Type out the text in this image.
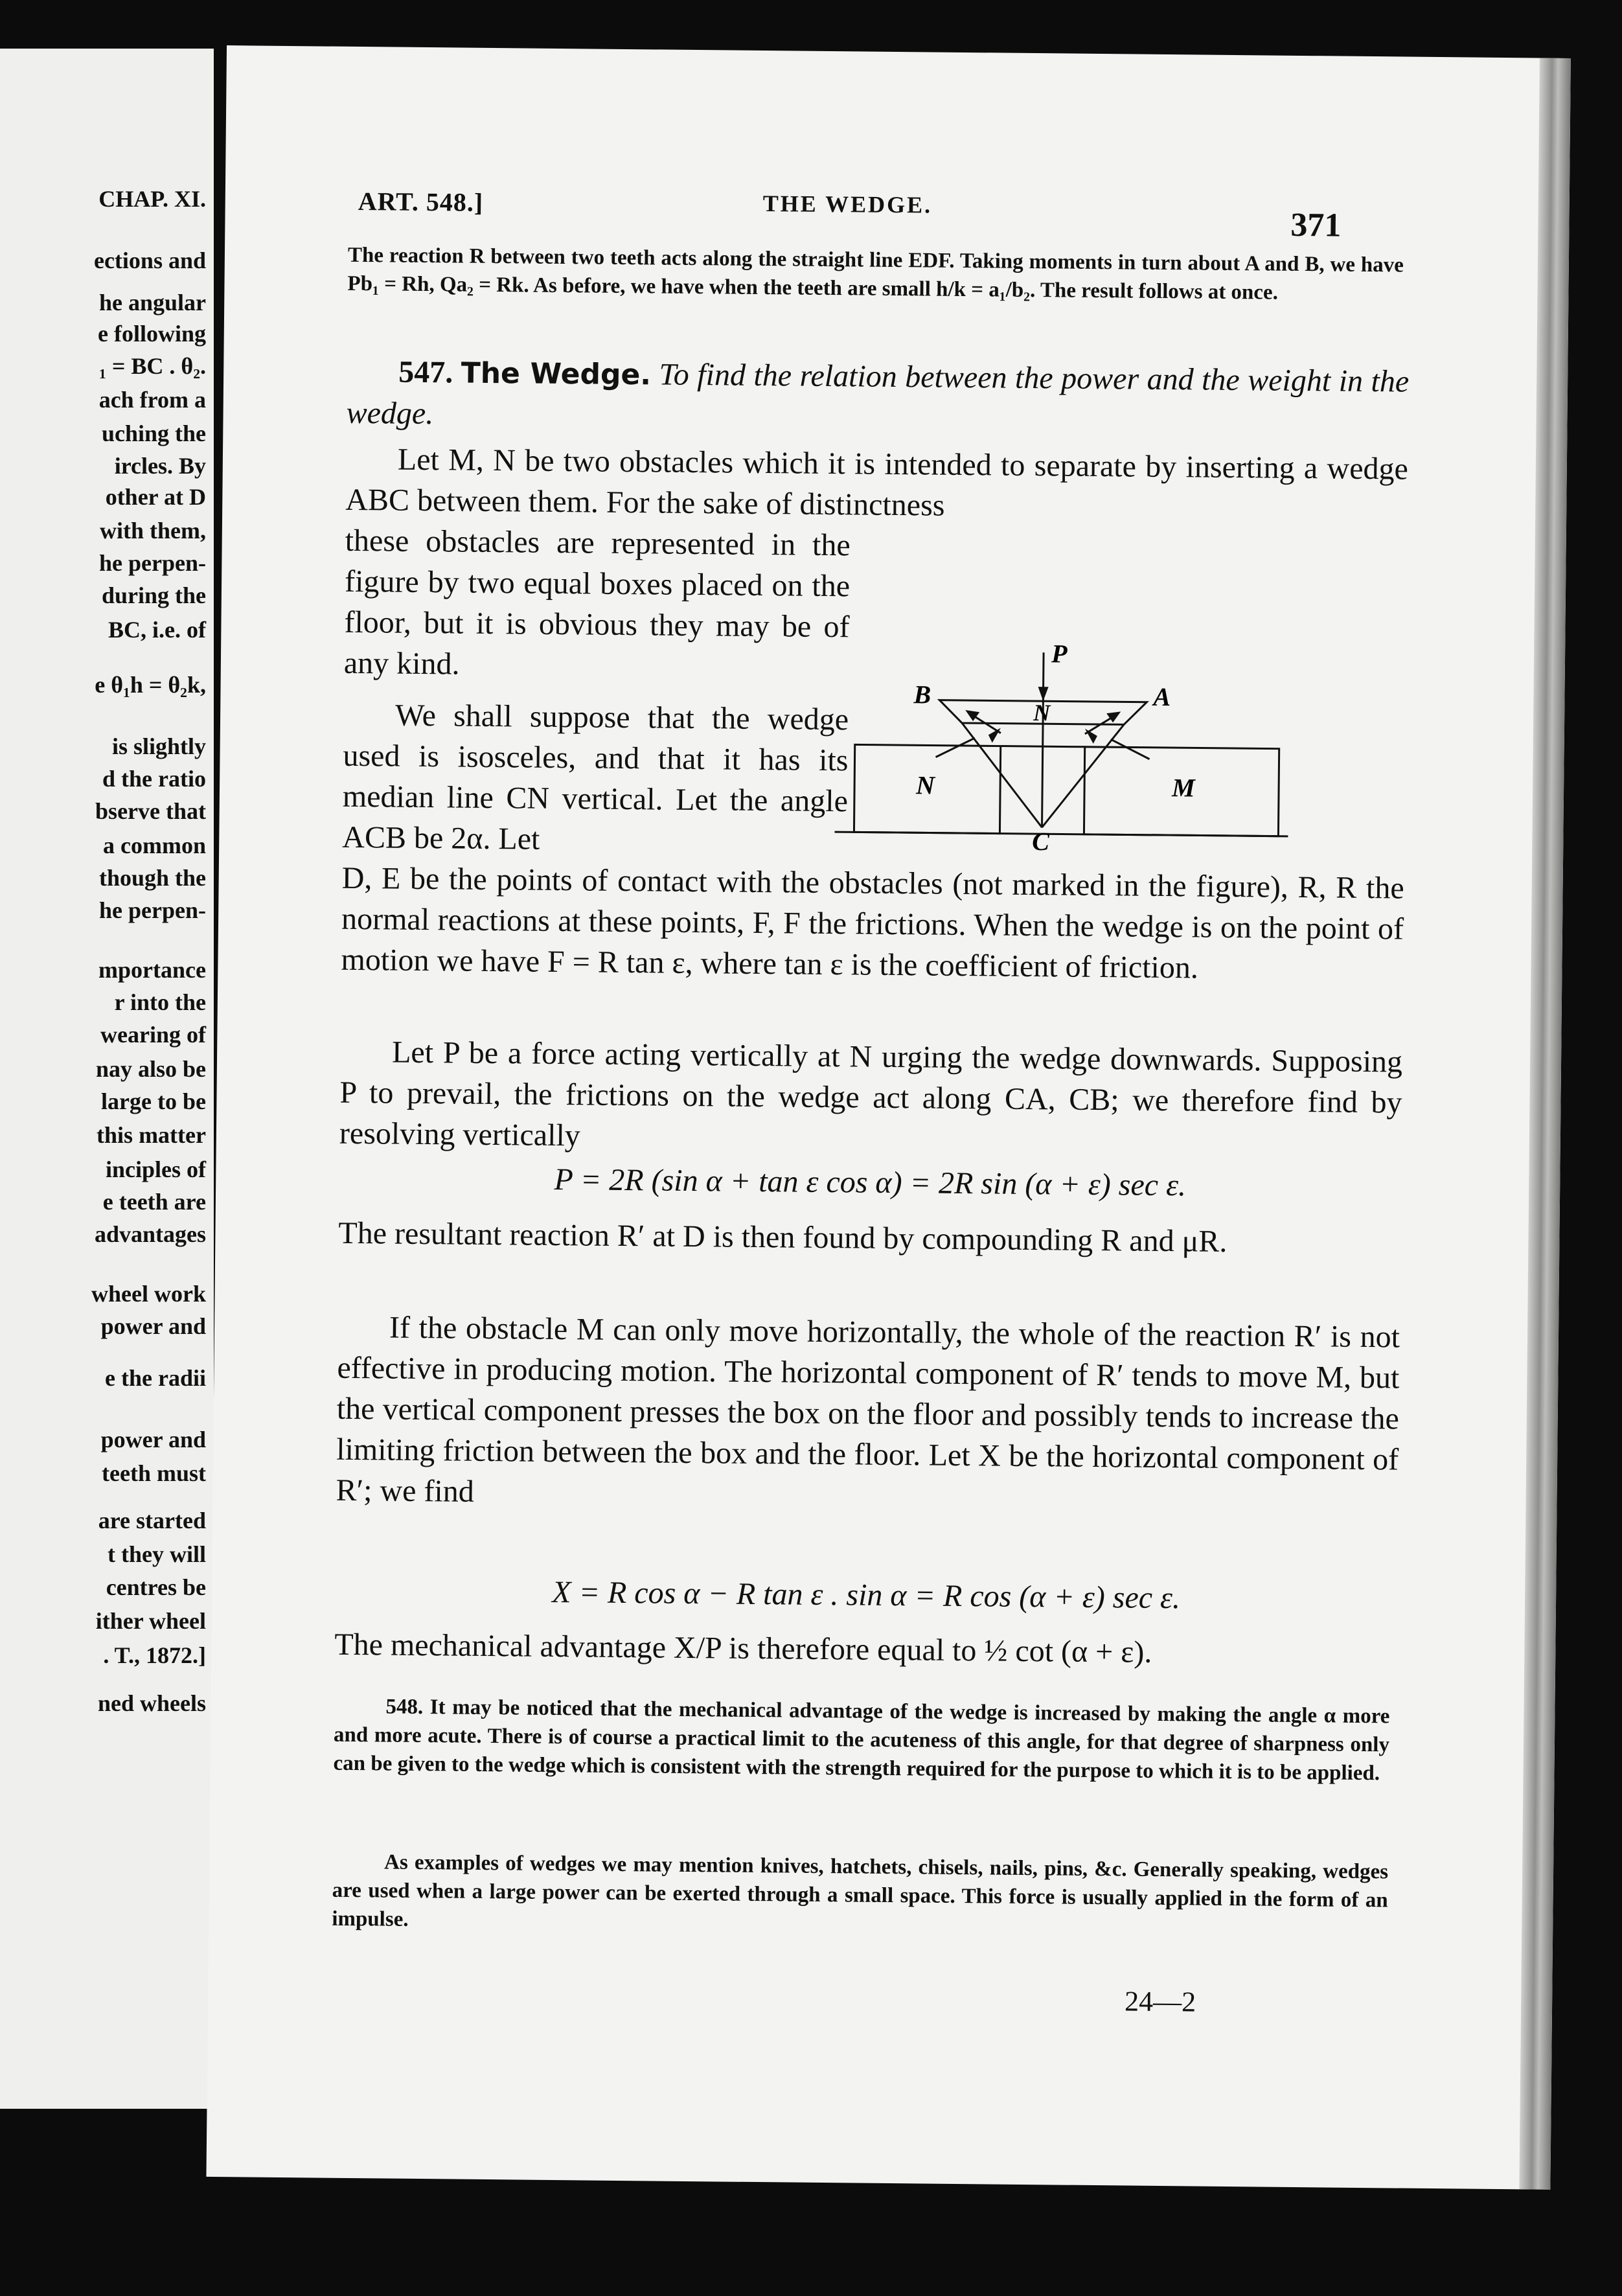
CHAP. XI.
ections and
he angular
e following
₁ = BC . θ₂.
ach from a
uching the
ircles. By
other at D
with them,
he perpen-
during the
BC, i.e. of
e θ₁h = θ₂k,
is slightly
d the ratio
bserve that
a common
though the
he perpen-
mportance
r into the
wearing of
nay also be
large to be
this matter
inciples of
e teeth are
advantages
wheel work
power and
e the radii
power and
teeth must
are started
t they will
centres be
ither wheel
. T., 1872.]
ned wheels
ART. 548.]	THE WEDGE.
371

The reaction R between two teeth acts along the straight line EDF. Taking moments in turn about A and B, we have Pb₁ = Rh, Qa₂ = Rk. As before, we have when the teeth are small h/k = a₁/b₂. The result follows at once.

547. The Wedge. To find the relation between the power and the weight in the wedge.

Let M, N be two obstacles which it is intended to separate by inserting a wedge ABC between them. For the sake of distinctness

these obstacles are represented in the figure by two equal boxes placed on the floor, but it is obvious they may be of any kind.

We shall suppose that the wedge used is isosceles, and that it has its median line CN vertical. Let the angle ACB be 2α. Let

D, E be the points of contact with the obstacles (not marked in the figure), R, R the normal reactions at these points, F, F the frictions. When the wedge is on the point of motion we have F = R tan ε, where tan ε is the coefficient of friction.

Let P be a force acting vertically at N urging the wedge downwards. Supposing P to prevail, the frictions on the wedge act along CA, CB; we therefore find by resolving vertically

P = 2R (sin α + tan ε cos α) = 2R sin (α + ε) sec ε.

The resultant reaction R′ at D is then found by compounding R and μR.

If the obstacle M can only move horizontally, the whole of the reaction R′ is not effective in producing motion. The horizontal component of R′ tends to move M, but the vertical component presses the box on the floor and possibly tends to increase the limiting friction between the box and the floor. Let X be the horizontal component of R′; we find

X = R cos α − R tan ε . sin α = R cos (α + ε) sec ε.

The mechanical advantage X/P is therefore equal to ½ cot (α + ε).

548. It may be noticed that the mechanical advantage of the wedge is increased by making the angle α more and more acute. There is of course a practical limit to the acuteness of this angle, for that degree of sharpness only can be given to the wedge which is consistent with the strength required for the purpose to which it is to be applied.

As examples of wedges we may mention knives, hatchets, chisels, nails, pins, &c. Generally speaking, wedges are used when a large power can be exerted through a small space. This force is usually applied in the form of an impulse.

24—2
P
B	A
N
N	M
C
